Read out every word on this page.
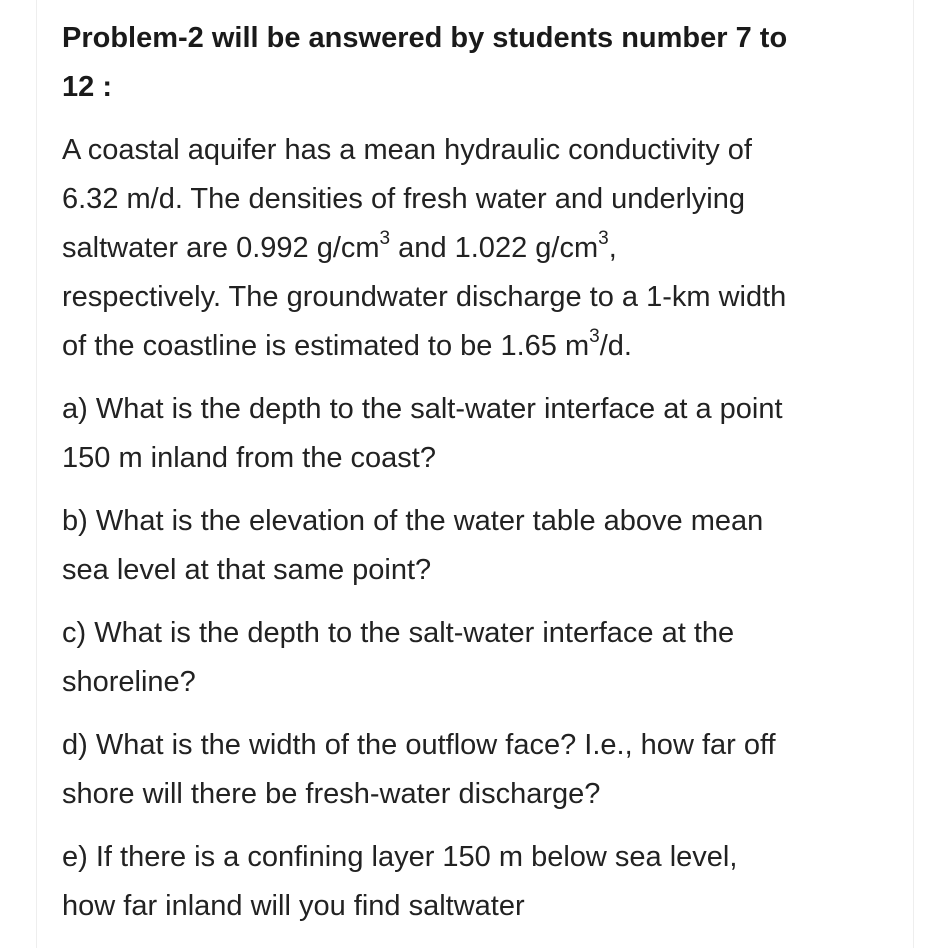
Problem-2 will be answered by students number 7 to
12 :

A coastal aquifer has a mean hydraulic conductivity of
6.32 m/d. The densities of fresh water and underlying
saltwater are 0.992 $g/cm^3$ and 1.022 $g/cm^3$,
respectively. The groundwater discharge to a 1-km width
of the coastline is estimated to be 1.65 $m^3/d$.

a) What is the depth to the salt-water interface at a point
150 m inland from the coast?

b) What is the elevation of the water table above mean
sea level at that same point?

c) What is the depth to the salt-water interface at the
shoreline?

d) What is the width of the outflow face? I.e., how far off
shore will there be fresh-water discharge?

e) If there is a confining layer 150 m below sea level,
how far inland will you find saltwater
